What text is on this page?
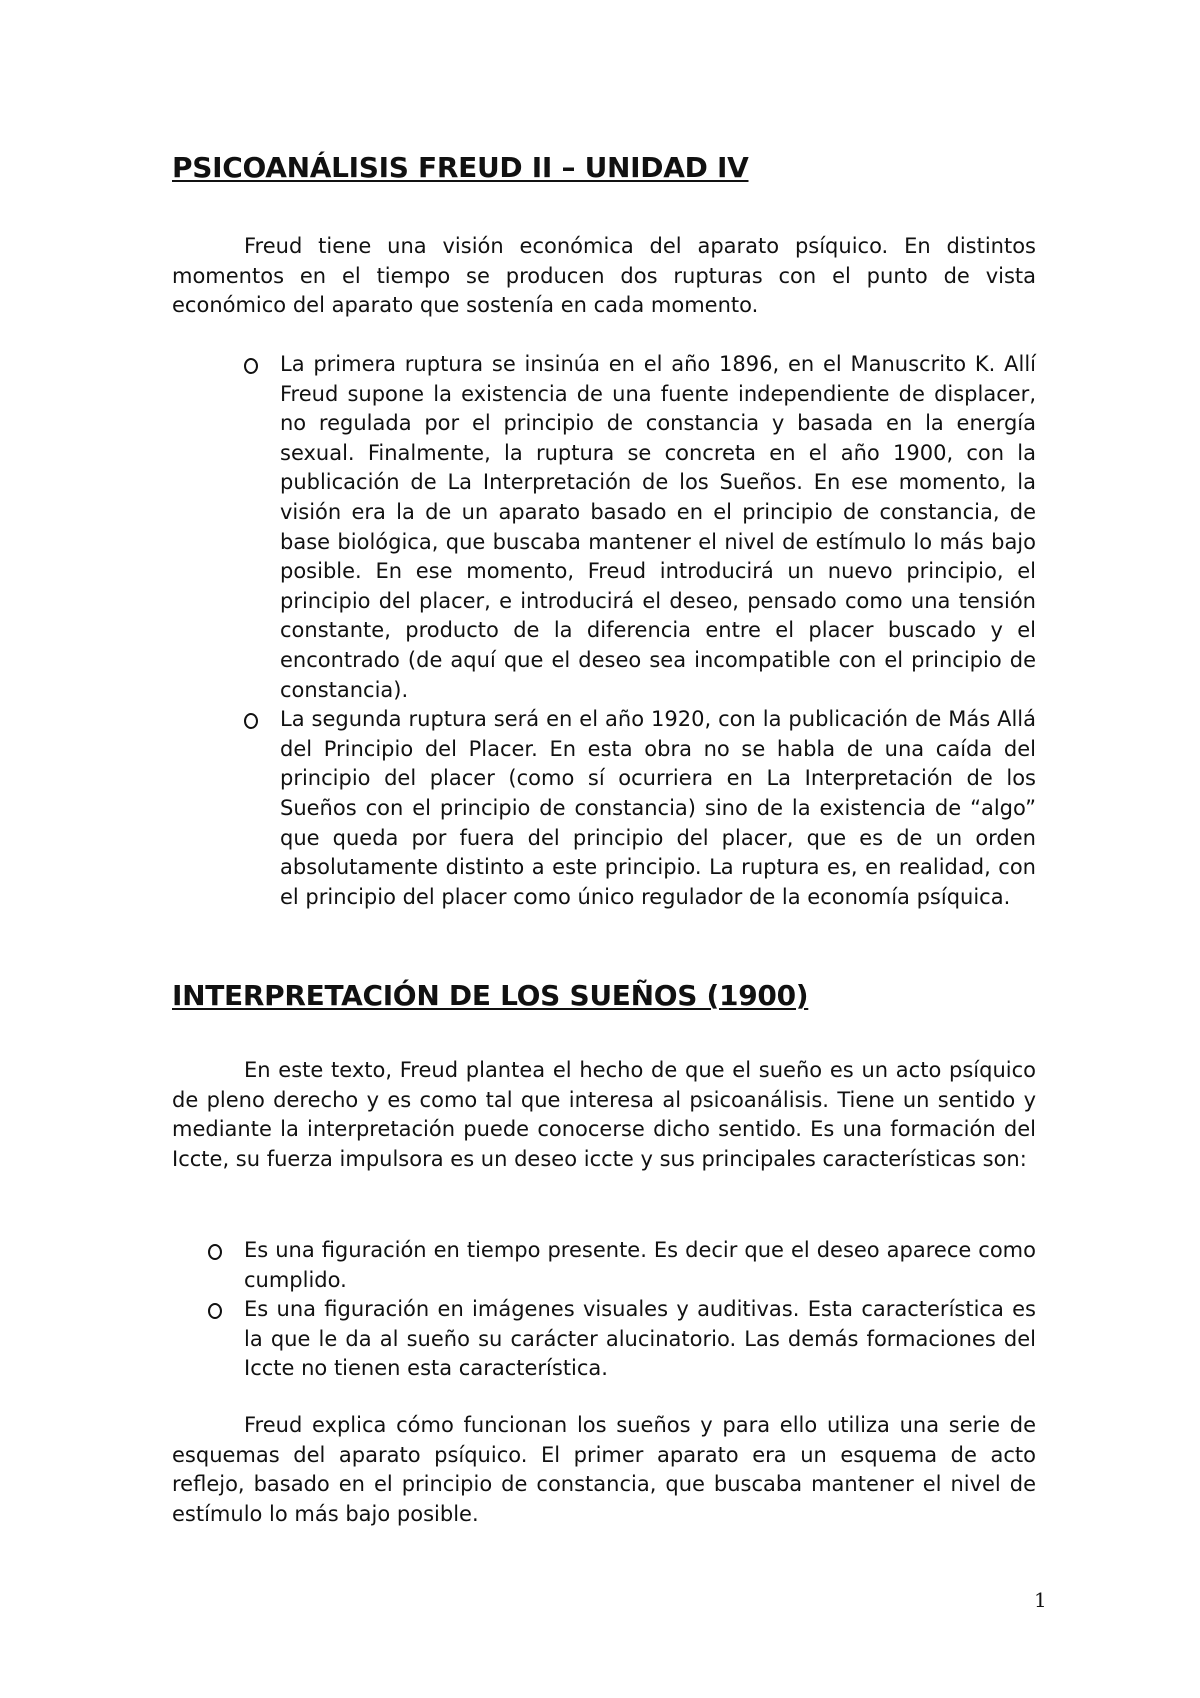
PSICOANÁLISIS FREUD II – UNIDAD IV

Freud tiene una visión económica del aparato psíquico. En distintos momentos en el tiempo se producen dos rupturas con el punto de vista económico del aparato que sostenía en cada momento.

La primera ruptura se insinúa en el año 1896, en el Manuscrito K. Allí Freud supone la existencia de una fuente independiente de displacer, no regulada por el principio de constancia y basada en la energía sexual. Finalmente, la ruptura se concreta en el año 1900, con la publicación de La Interpretación de los Sueños. En ese momento, la visión era la de un aparato basado en el principio de constancia, de base biológica, que buscaba mantener el nivel de estímulo lo más bajo posible. En ese momento, Freud introducirá un nuevo principio, el principio del placer, e introducirá el deseo, pensado como una tensión constante, producto de la diferencia entre el placer buscado y el encontrado (de aquí que el deseo sea incompatible con el principio de constancia).
La segunda ruptura será en el año 1920, con la publicación de Más Allá del Principio del Placer. En esta obra no se habla de una caída del principio del placer (como sí ocurriera en La Interpretación de los Sueños con el principio de constancia) sino de la existencia de “algo” que queda por fuera del principio del placer, que es de un orden absolutamente distinto a este principio. La ruptura es, en realidad, con el principio del placer como único regulador de la economía psíquica.
INTERPRETACIÓN DE LOS SUEÑOS (1900)

En este texto, Freud plantea el hecho de que el sueño es un acto psíquico de pleno derecho y es como tal que interesa al psicoanálisis. Tiene un sentido y mediante la interpretación puede conocerse dicho sentido. Es una formación del Iccte, su fuerza impulsora es un deseo iccte y sus principales características son:

Es una figuración en tiempo presente. Es decir que el deseo aparece como cumplido.
Es una figuración en imágenes visuales y auditivas. Esta característica es la que le da al sueño su carácter alucinatorio. Las demás formaciones del Iccte no tienen esta característica.

Freud explica cómo funcionan los sueños y para ello utiliza una serie de esquemas del aparato psíquico. El primer aparato era un esquema de acto reflejo, basado en el principio de constancia, que buscaba mantener el nivel de estímulo lo más bajo posible.

1
